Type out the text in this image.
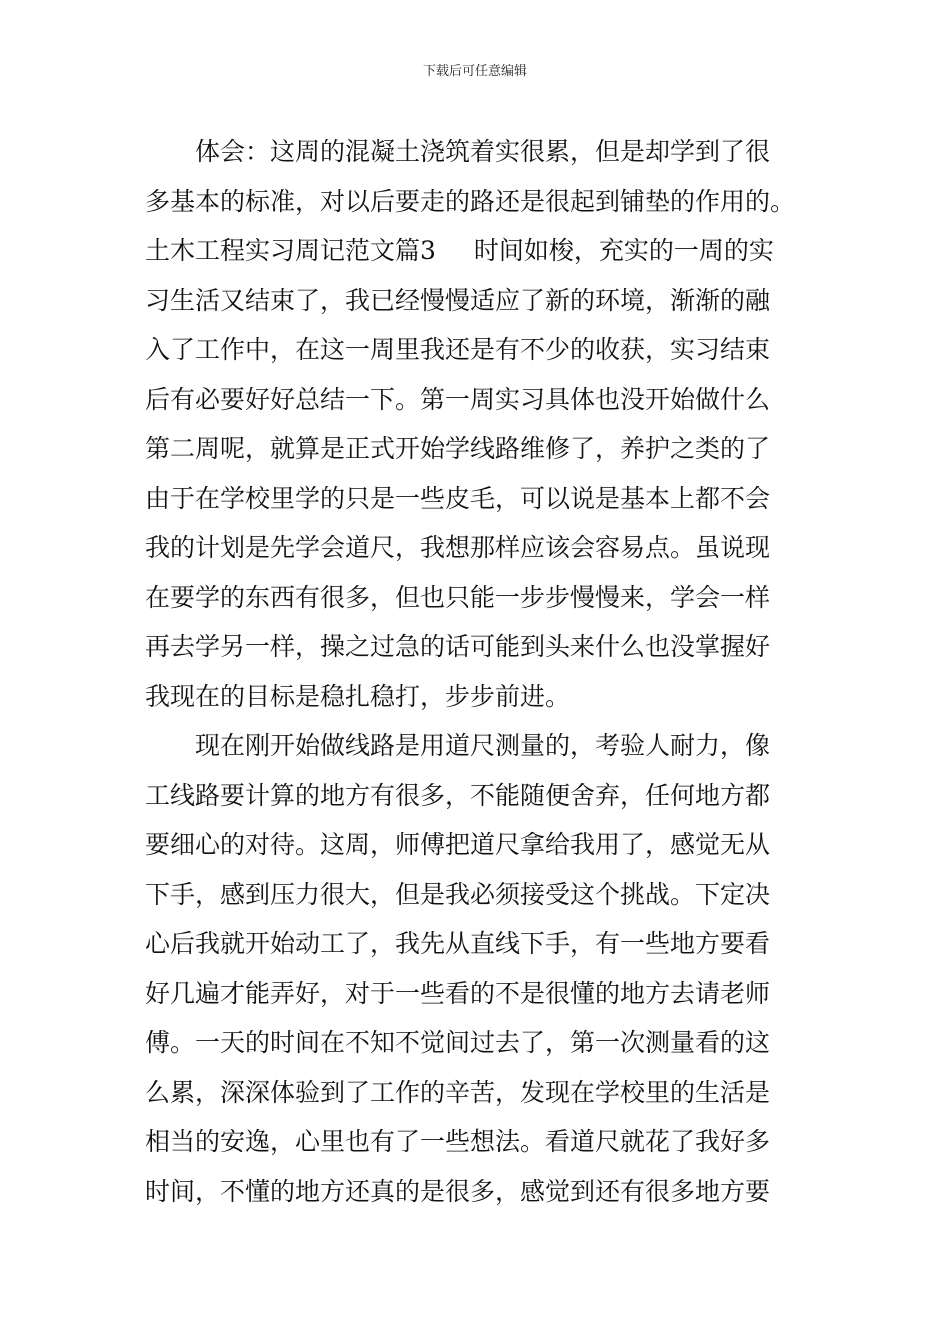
下载后可任意编辑
体会：这周的混凝土浇筑着实很累，但是却学到了很
多基本的标准，对以后要走的路还是很起到铺垫的作用的。
土木工程实习周记范文篇3 时间如梭，充实的一周的实
习生活又结束了，我已经慢慢适应了新的环境，渐渐的融
入了工作中，在这一周里我还是有不少的收获，实习结束
后有必要好好总结一下。第一周实习具体也没开始做什么
第二周呢，就算是正式开始学线路维修了，养护之类的了
由于在学校里学的只是一些皮毛，可以说是基本上都不会
我的计划是先学会道尺，我想那样应该会容易点。虽说现
在要学的东西有很多，但也只能一步步慢慢来，学会一样
再去学另一样，操之过急的话可能到头来什么也没掌握好
我现在的目标是稳扎稳打，步步前进。
现在刚开始做线路是用道尺测量的，考验人耐力，像
工线路要计算的地方有很多，不能随便舍弃，任何地方都
要细心的对待。这周，师傅把道尺拿给我用了，感觉无从
下手，感到压力很大，但是我必须接受这个挑战。下定决
心后我就开始动工了，我先从直线下手，有一些地方要看
好几遍才能弄好，对于一些看的不是很懂的地方去请老师
傅。一天的时间在不知不觉间过去了，第一次测量看的这
么累，深深体验到了工作的辛苦，发现在学校里的生活是
相当的安逸，心里也有了一些想法。看道尺就花了我好多
时间，不懂的地方还真的是很多，感觉到还有很多地方要
